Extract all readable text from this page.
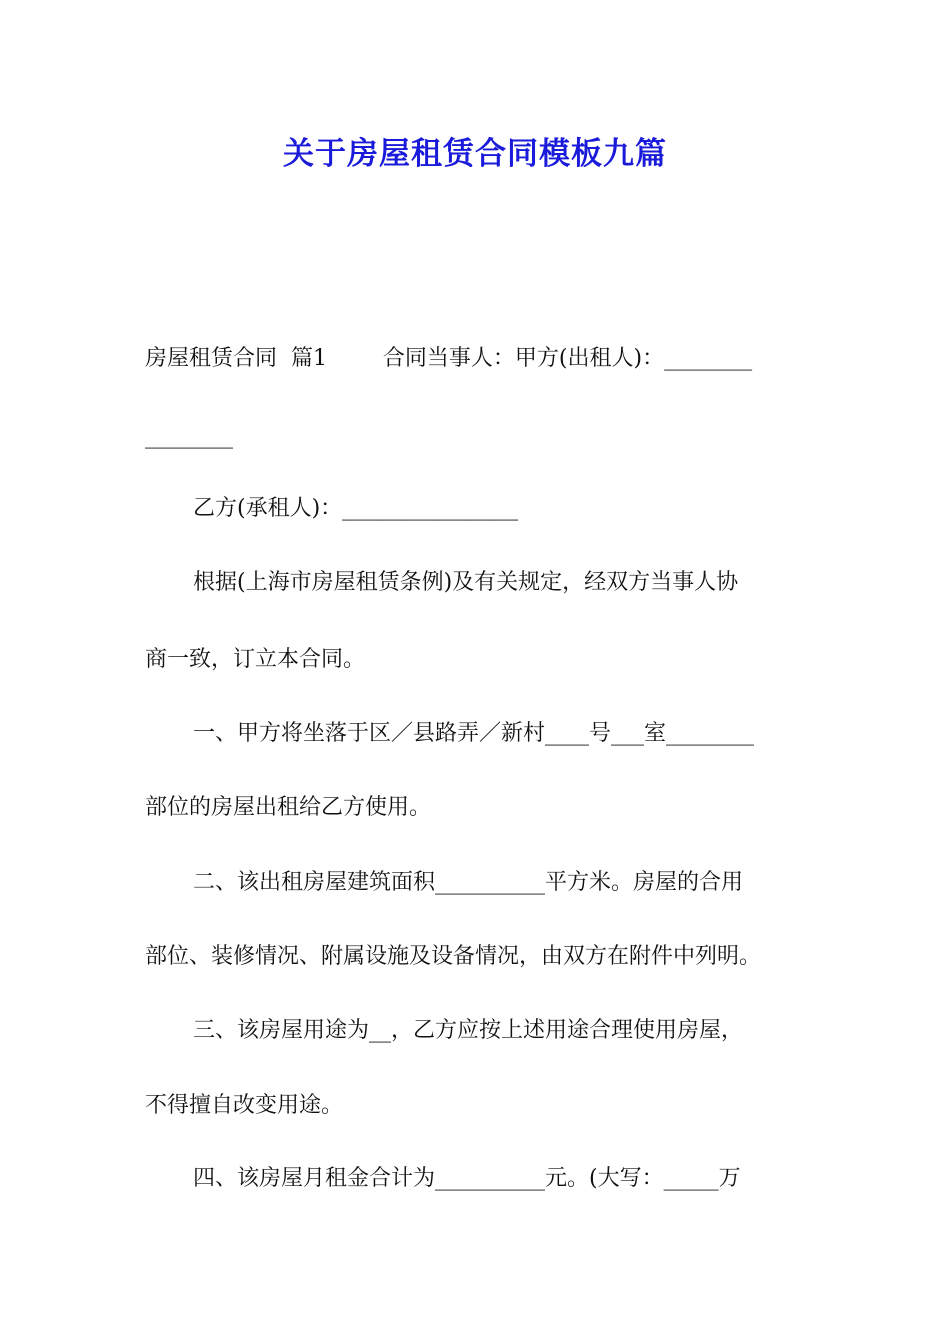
关于房屋租赁合同模板九篇
房屋租赁合同  篇1        合同当事人：甲方(出租人)：________
________
乙方(承租人)：________________
根据(上海市房屋租赁条例)及有关规定，经双方当事人协
商一致，订立本合同。
一、甲方将坐落于区／县路弄／新村____号___室________
部位的房屋出租给乙方使用。
二、该出租房屋建筑面积__________平方米。房屋的合用
部位、装修情况、附属设施及设备情况，由双方在附件中列明。
三、该房屋用途为__，乙方应按上述用途合理使用房屋，
不得擅自改变用途。
四、该房屋月租金合计为__________元。(大写：_____万
